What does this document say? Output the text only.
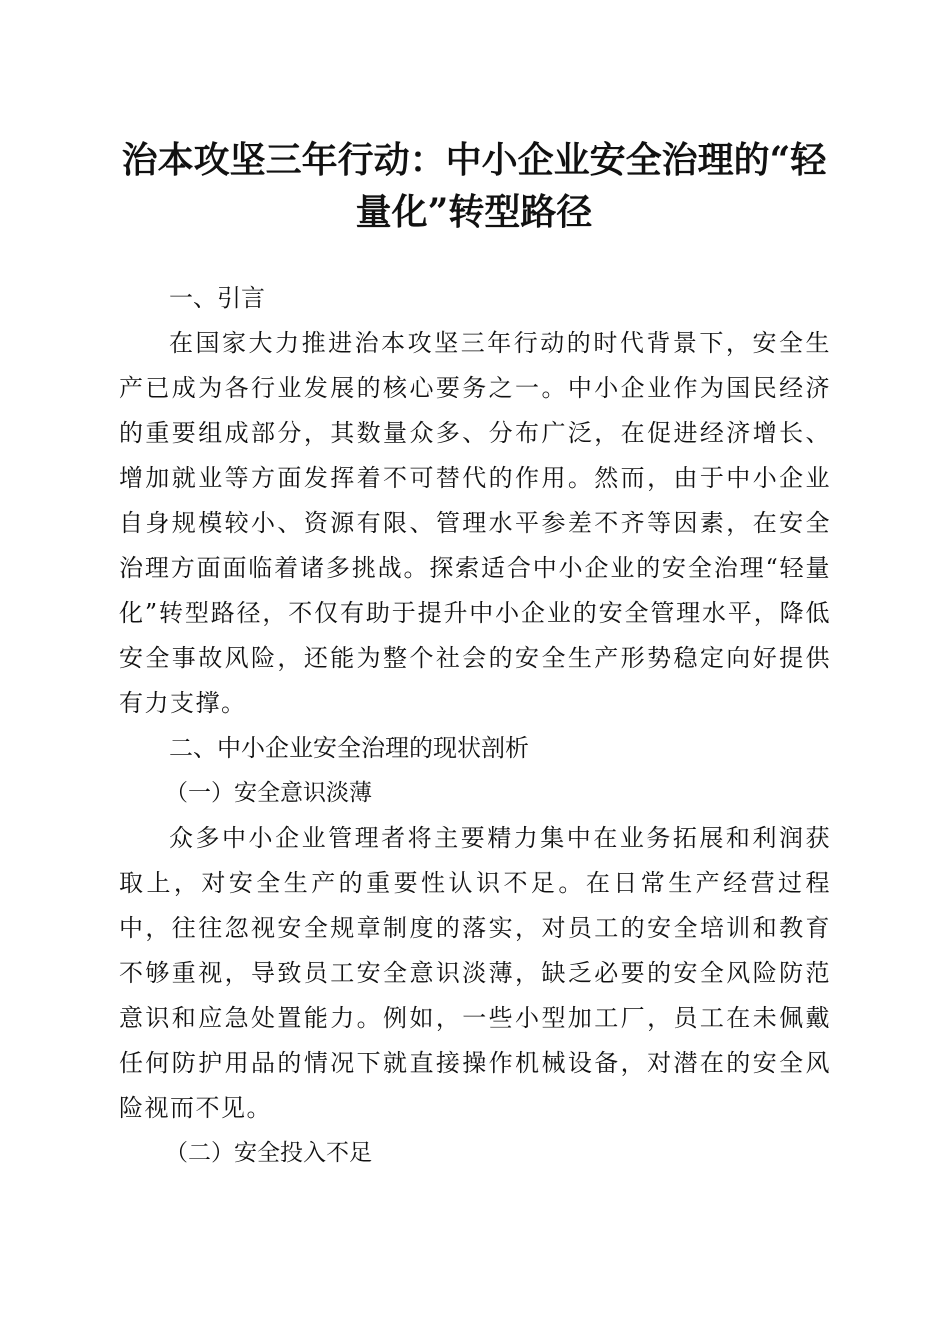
治本攻坚三年行动：中小企业安全治理的“轻量化”转型路径
一、引言

在国家大力推进治本攻坚三年行动的时代背景下，安全生产已成为各行业发展的核心要务之一。中小企业作为国民经济的重要组成部分，其数量众多、分布广泛，在促进经济增长、增加就业等方面发挥着不可替代的作用。然而，由于中小企业自身规模较小、资源有限、管理水平参差不齐等因素，在安全治理方面面临着诸多挑战。探索适合中小企业的安全治理“轻量化”转型路径，不仅有助于提升中小企业的安全管理水平，降低安全事故风险，还能为整个社会的安全生产形势稳定向好提供有力支撑。

二、中小企业安全治理的现状剖析
（一）安全意识淡薄

众多中小企业管理者将主要精力集中在业务拓展和利润获取上，对安全生产的重要性认识不足。在日常生产经营过程中，往往忽视安全规章制度的落实，对员工的安全培训和教育不够重视，导致员工安全意识淡薄，缺乏必要的安全风险防范意识和应急处置能力。例如，一些小型加工厂，员工在未佩戴任何防护用品的情况下就直接操作机械设备，对潜在的安全风险视而不见。

（二）安全投入不足
